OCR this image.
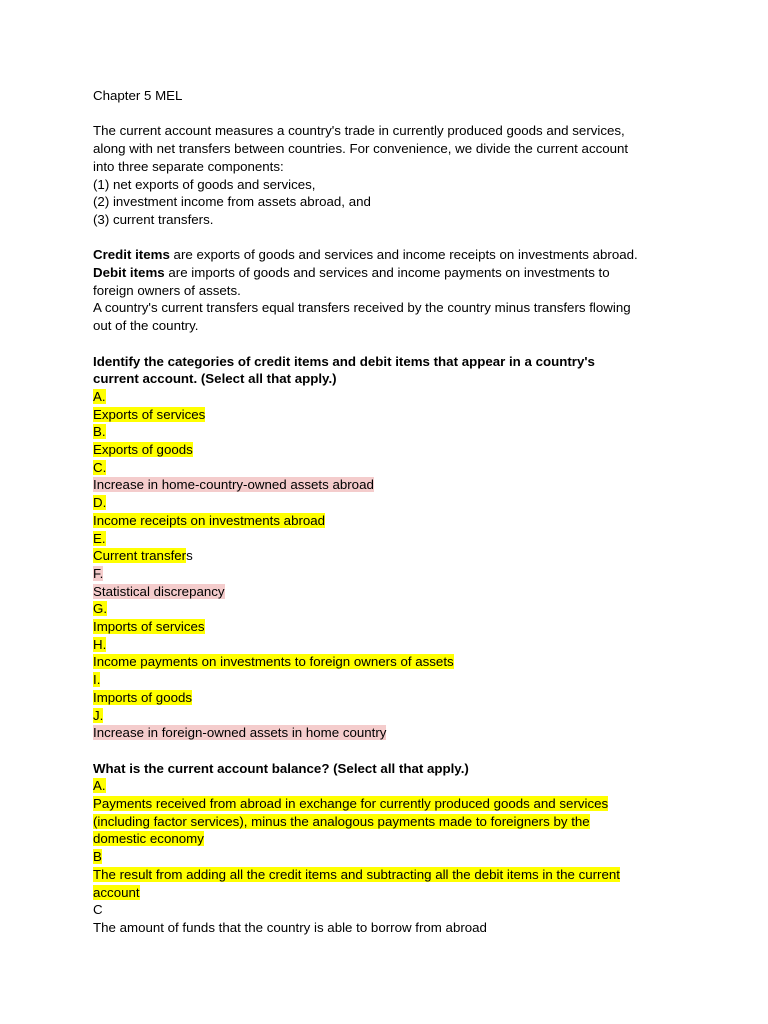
Chapter 5 MEL
The current account measures a country's trade in currently produced goods and services,
along with net transfers between countries. For convenience, we divide the current account
into three separate components:
(1) net exports of goods and services,
(2) investment income from assets abroad, and
(3) current transfers.
Credit items are exports of goods and services and income receipts on investments abroad.
Debit items are imports of goods and services and income payments on investments to
foreign owners of assets.
A country's current transfers equal transfers received by the country minus transfers flowing
out of the country.
Identify the categories of credit items and debit items that appear in a country's
current account. (Select all that apply.)
A.
Exports of services
B.
Exports of goods
C.
Increase in home-country-owned assets abroad
D.
Income receipts on investments abroad
E.
Current transfers
F.
Statistical discrepancy
G.
Imports of services
H.
Income payments on investments to foreign owners of assets
I.
Imports of goods
J.
Increase in foreign-owned assets in home country
What is the current account balance? (Select all that apply.)
A.
Payments received from abroad in exchange for currently produced goods and services
(including factor services), minus the analogous payments made to foreigners by the
domestic economy
B
The result from adding all the credit items and subtracting all the debit items in the current
account
C
The amount of funds that the country is able to borrow from abroad
